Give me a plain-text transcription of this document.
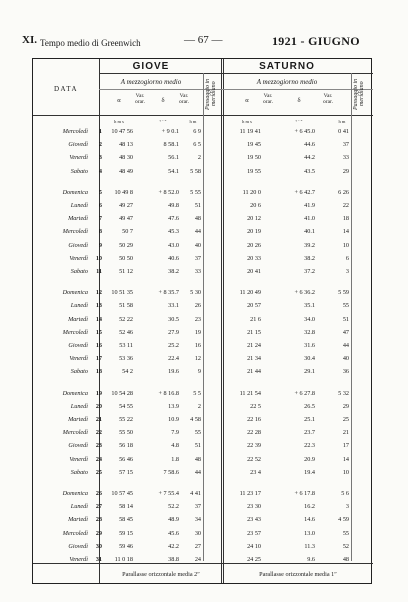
XI. Tempo medio di Greenwich	— 67 —	1921 - GIUGNO
GIOVE	SATURNO
A mezzogiorno medio	A mezzogiorno medio
DATA
α
Var. orar.	δ
Var. orar.	Passaggio in meridiano	α
Var. orar.	δ
Var. orar.	Passaggio in meridiano
h m s	° ′ ″	h m	h m s	° ′ ″	h m
Mercoledì	1	10 47 56	+ 9 0.1	6 9	11 19 41	+ 6 45.0	0 41
Giovedì	2	48 13	8 58.1	6 5	19 45	44.6	37
Venerdì	3	48 30	56.1	2	19 50	44.2	33
Sabato	4	48 49	54.1	5 58	19 55	43.5	29
Domenica	5	10 49 8	+ 8 52.0	5 55	11 20 0	+ 6 42.7	6 26
Lunedì	6	49 27	49.8	51	20 6	41.9	22
Martedì	7	49 47	47.6	48	20 12	41.0	18
Mercoledì	8	50 7	45.3	44	20 19	40.1	14
Giovedì	9	50 29	43.0	40	20 26	39.2	10
Venerdì	10	50 50	40.6	37	20 33	38.2	6
Sabato	11	51 12	38.2	33	20 41	37.2	3
Domenica	12	10 51 35	+ 8 35.7	5 30	11 20 49	+ 6 36.2	5 59
Lunedì	13	51 58	33.1	26	20 57	35.1	55
Martedì	14	52 22	30.5	23	21 6	34.0	51
Mercoledì	15	52 46	27.9	19	21 15	32.8	47
Giovedì	16	53 11	25.2	16	21 24	31.6	44
Venerdì	17	53 36	22.4	12	21 34	30.4	40
Sabato	18	54 2	19.6	9	21 44	29.1	36
Domenica	19	10 54 28	+ 8 16.8	5 5	11 21 54	+ 6 27.8	5 32
Lunedì	20	54 55	13.9	2	22 5	26.5	29
Martedì	21	55 22	10.9	4 58	22 16	25.1	25
Mercoledì	22	55 50	7.9	55	22 28	23.7	21
Giovedì	23	56 18	4.8	51	22 39	22.3	17
Venerdì	24	56 46	1.8	48	22 52	20.9	14
Sabato	25	57 15	7 58.6	44	23 4	19.4	10
Domenica	26	10 57 45	+ 7 55.4	4 41	11 23 17	+ 6 17.8	5 6
Lunedì	27	58 14	52.2	37	23 30	16.2	3
Martedì	28	58 45	48.9	34	23 43	14.6	4 59
Mercoledì	29	59 15	45.6	30	23 57	13.0	55
Giovedì	30	59 46	42.2	27	24 10	11.3	52
Venerdì	31	11 0 18	38.8	24	24 25	9.6	48
Parallasse orizzontale media 2″	Parallasse orizzontale media 1″
